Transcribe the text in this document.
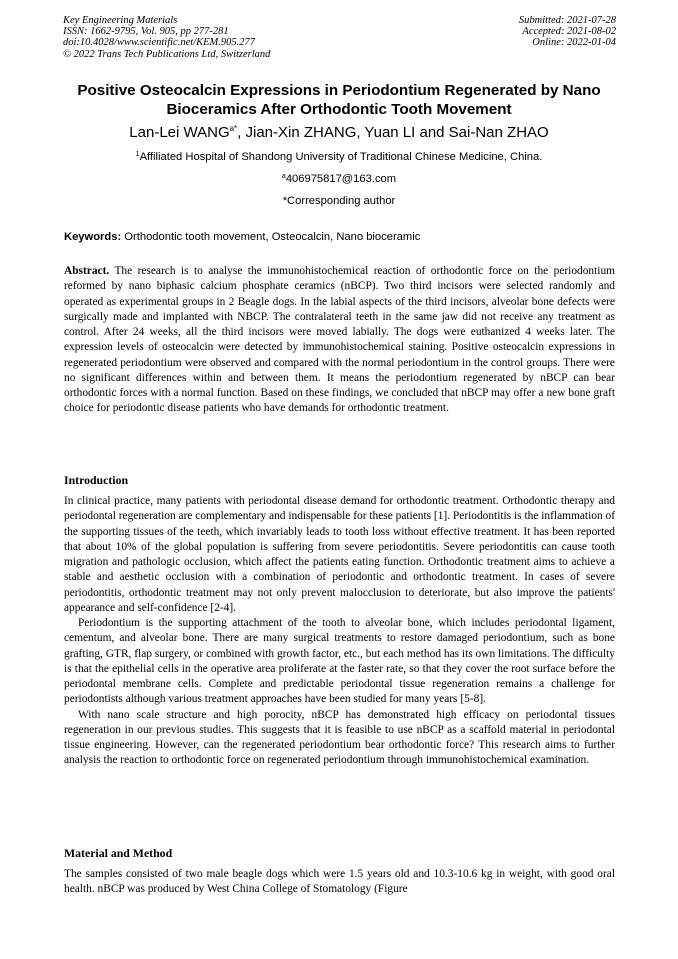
Key Engineering Materials
ISSN: 1662-9795, Vol. 905, pp 277-281
doi:10.4028/www.scientific.net/KEM.905.277
© 2022 Trans Tech Publications Ltd, Switzerland
Submitted: 2021-07-28
Accepted: 2021-08-02
Online: 2022-01-04
Positive Osteocalcin Expressions in Periodontium Regenerated by Nano Bioceramics After Orthodontic Tooth Movement
Lan-Lei $WANG^{a*}$, Jian-Xin ZHANG, Yuan LI and Sai-Nan ZHAO
$^1$Affiliated Hospital of Shandong University of Traditional Chinese Medicine, China.
$^a$406975817@163.com
*Corresponding author
Keywords: Orthodontic tooth movement, Osteocalcin, Nano bioceramic

Abstract. The research is to analyse the immunohistochemical reaction of orthodontic force on the periodontium reformed by nano biphasic calcium phosphate ceramics (nBCP). Two third incisors were selected randomly and operated as experimental groups in 2 Beagle dogs. In the labial aspects of the third incisors, alveolar bone defects were surgically made and implanted with NBCP. The contralateral teeth in the same jaw did not receive any treatment as control. After 24 weeks, all the third incisors were moved labially. The dogs were euthanized 4 weeks later. The expression levels of osteocalcin were detected by immunohistochemical staining. Positive osteocalcin expressions in regenerated periodontium were observed and compared with the normal periodontium in the control groups. There were no significant differences within and between them. It means the periodontium regenerated by nBCP can bear orthodontic forces with a normal function. Based on these findings, we concluded that nBCP may offer a new bone graft choice for periodontic disease patients who have demands for orthodontic treatment.

Introduction

In clinical practice, many patients with periodontal disease demand for orthodontic treatment. Orthodontic therapy and periodontal regeneration are complementary and indispensable for these patients [1]. Periodontitis is the inflammation of the supporting tissues of the teeth, which invariably leads to tooth loss without effective treatment. It has been reported that about 10% of the global population is suffering from severe periodontitis. Severe periodontitis can cause tooth migration and pathologic occlusion, which affect the patients eating function. Orthodontic treatment aims to achieve a stable and aesthetic occlusion with a combination of periodontic and orthodontic treatment. In cases of severe periodontitis, orthodontic treatment may not only prevent malocclusion to deteriorate, but also improve the patients' appearance and self-confidence [2-4].

Periodontium is the supporting attachment of the tooth to alveolar bone, which includes periodontal ligament, cementum, and alveolar bone. There are many surgical treatments to restore damaged periodontium, such as bone grafting, GTR, flap surgery, or combined with growth factor, etc., but each method has its own limitations. The difficulty is that the epithelial cells in the operative area proliferate at the faster rate, so that they cover the root surface before the periodontal membrane cells. Complete and predictable periodontal tissue regeneration remains a challenge for periodontists although various treatment approaches have been studied for many years [5-8].

With nano scale structure and high porocity, nBCP has demonstrated high efficacy on periodontal tissues regeneration in our previous studies. This suggests that it is feasible to use nBCP as a scaffold material in periodontal tissue engineering. However, can the regenerated periodontium bear orthodontic force? This research aims to further analysis the reaction to orthodontic force on regenerated periodontium through immunohistochemical examination.

Material and Method

The samples consisted of two male beagle dogs which were 1.5 years old and 10.3-10.6 kg in weight, with good oral health. nBCP was produced by West China College of Stomatology (Figure
